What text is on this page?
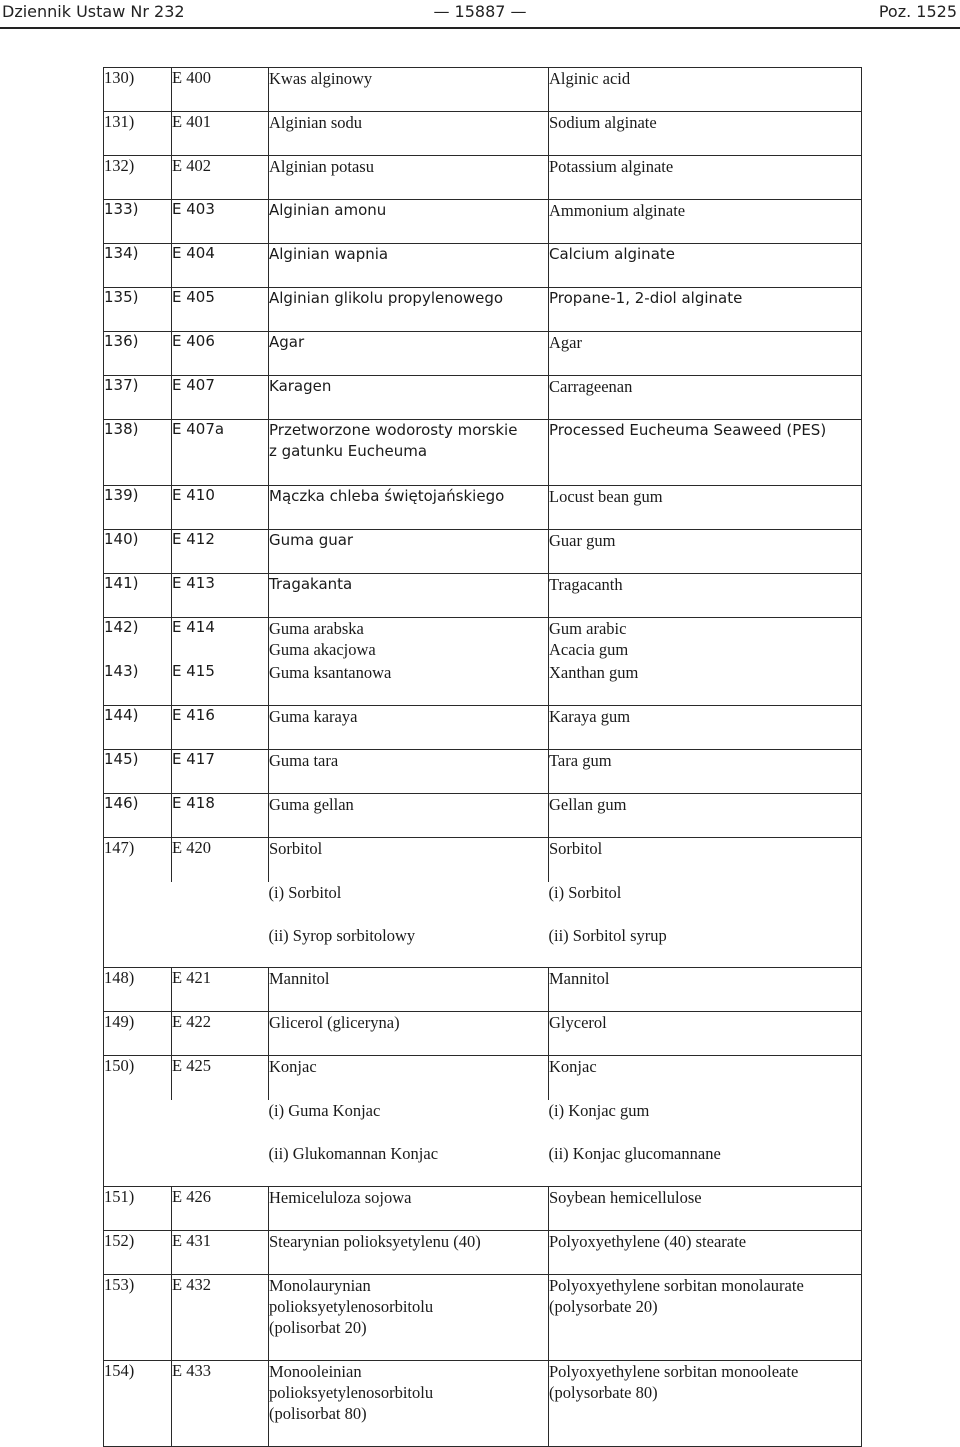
Dziennik Ustaw Nr 232	— 15887 —	Poz. 1525
130)	E 400	Kwas alginowy	Alginic acid

131)	E 401	Alginian sodu	Sodium alginate

132)	E 402	Alginian potasu	Potassium alginate

133)	E 403	Alginian amonu	Ammonium alginate

134)	E 404	Alginian wapnia	Calcium alginate

135)	E 405	Alginian glikolu propylenowego	Propane-1, 2-diol alginate

136)	E 406	Agar	Agar

137)	E 407	Karagen	Carrageenan

138)	E 407a	Przetworzone wodorosty morskie
z gatunku Eucheuma	Processed Eucheuma Seaweed (PES)

139)	E 410	Mączka chleba świętojańskiego	Locust bean gum

140)	E 412	Guma guar	Guar gum

141)	E 413	Tragakanta	Tragacanth

142)	E 414	Guma arabska
Guma akacjowa	Gum arabic
Acacia gum

143)	E 415	Guma ksantanowa	Xanthan gum

144)	E 416	Guma karaya	Karaya gum

145)	E 417	Guma tara	Tara gum

146)	E 418	Guma gellan	Gellan gum

147)	E 420	Sorbitol	Sorbitol

		(i) Sorbitol	(i) Sorbitol

		(ii) Syrop sorbitolowy	(ii) Sorbitol syrup

148)	E 421	Mannitol	Mannitol

149)	E 422	Glicerol (gliceryna)	Glycerol

150)	E 425	Konjac	Konjac

		(i) Guma Konjac	(i) Konjac gum

		(ii) Glukomannan Konjac	(ii) Konjac glucomannane

151)	E 426	Hemiceluloza sojowa	Soybean hemicellulose

152)	E 431	Stearynian polioksyetylenu (40)	Polyoxyethylene (40) stearate

153)	E 432	Monolaurynian
polioksyetylenosorbitolu
(polisorbat 20)	Polyoxyethylene sorbitan monolaurate
(polysorbate 20)

154)	E 433	Monooleinian
polioksyetylenosorbitolu
(polisorbat 80)	Polyoxyethylene sorbitan monooleate
(polysorbate 80)
